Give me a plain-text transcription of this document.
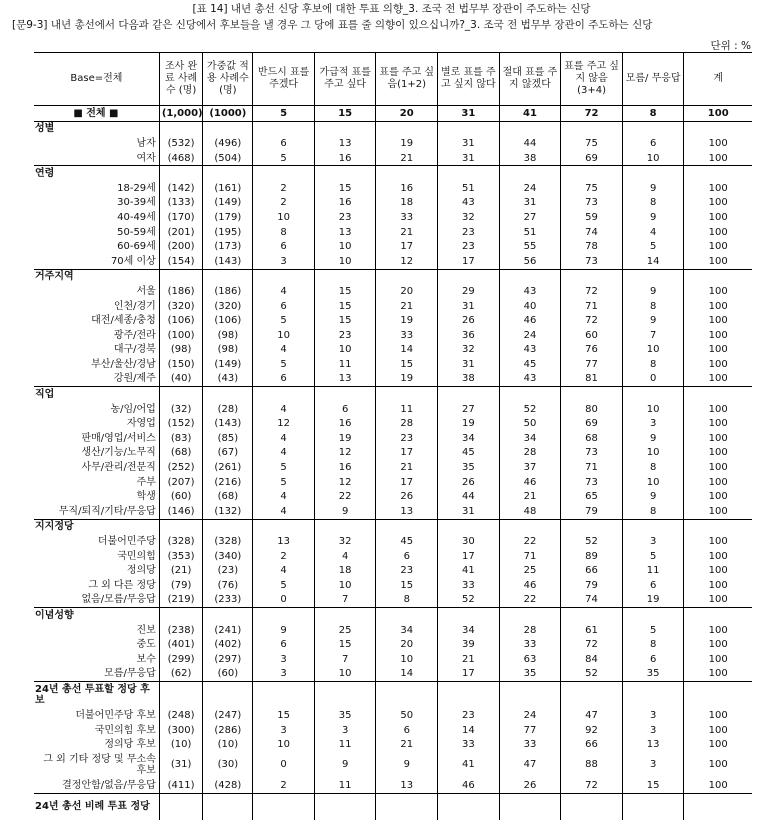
[표 14] 내년 총선 신당 후보에 대한 투표 의향_3. 조국 전 법무부 장관이 주도하는 신당
[문9-3] 내년 총선에서 다음과 같은 신당에서 후보들을 낼 경우 그 당에 표를 줄 의향이 있으십니까?_3. 조국 전 법무부 장관이 주도하는 신당
단위 : %
Base=전체	조사 완료 사례수 (명)	가중값 적용 사례수 (명)	반드시 표를 주겠다	가급적 표를 주고 싶다	표를 주고 싶음(1+2)	별로 표를 주고 싶지 않다	절대 표를 주지 않겠다	표를 주고 싶지 않음(3+4)	모름/ 무응답	계
■ 전체 ■	(1,000)	(1000)	5	15	20	31	41	72	8	100
성별										
남자	(532)	(496)	6	13	19	31	44	75	6	100
여자	(468)	(504)	5	16	21	31	38	69	10	100
연령										
18-29세	(142)	(161)	2	15	16	51	24	75	9	100
30-39세	(133)	(149)	2	16	18	43	31	73	8	100
40-49세	(170)	(179)	10	23	33	32	27	59	9	100
50-59세	(201)	(195)	8	13	21	23	51	74	4	100
60-69세	(200)	(173)	6	10	17	23	55	78	5	100
70세 이상	(154)	(143)	3	10	12	17	56	73	14	100
거주지역										
서울	(186)	(186)	4	15	20	29	43	72	9	100
인천/경기	(320)	(320)	6	15	21	31	40	71	8	100
대전/세종/충청	(106)	(106)	5	15	19	26	46	72	9	100
광주/전라	(100)	(98)	10	23	33	36	24	60	7	100
대구/경북	(98)	(98)	4	10	14	32	43	76	10	100
부산/울산/경남	(150)	(149)	5	11	15	31	45	77	8	100
강원/제주	(40)	(43)	6	13	19	38	43	81	0	100
직업										
농/임/어업	(32)	(28)	4	6	11	27	52	80	10	100
자영업	(152)	(143)	12	16	28	19	50	69	3	100
판매/영업/서비스	(83)	(85)	4	19	23	34	34	68	9	100
생산/기능/노무직	(68)	(67)	4	12	17	45	28	73	10	100
사무/관리/전문직	(252)	(261)	5	16	21	35	37	71	8	100
주부	(207)	(216)	5	12	17	26	46	73	10	100
학생	(60)	(68)	4	22	26	44	21	65	9	100
무직/퇴직/기타/무응답	(146)	(132)	4	9	13	31	48	79	8	100
지지정당										
더불어민주당	(328)	(328)	13	32	45	30	22	52	3	100
국민의힘	(353)	(340)	2	4	6	17	71	89	5	100
정의당	(21)	(23)	4	18	23	41	25	66	11	100
그 외 다른 정당	(79)	(76)	5	10	15	33	46	79	6	100
없음/모름/무응답	(219)	(233)	0	7	8	52	22	74	19	100
이념성향										
진보	(238)	(241)	9	25	34	34	28	61	5	100
중도	(401)	(402)	6	15	20	39	33	72	8	100
보수	(299)	(297)	3	7	10	21	63	84	6	100
모름/무응답	(62)	(60)	3	10	14	17	35	52	35	100
24년 총선 투표할 정당 후보										
더불어민주당 후보	(248)	(247)	15	35	50	23	24	47	3	100
국민의힘 후보	(300)	(286)	3	3	6	14	77	92	3	100
정의당 후보	(10)	(10)	10	11	21	33	33	66	13	100
그 외 기타 정당 및 무소속 후보	(31)	(30)	0	9	9	41	47	88	3	100
결정안함/없음/무응답	(411)	(428)	2	11	13	46	26	72	15	100
24년 총선 비례 투표 정당										
